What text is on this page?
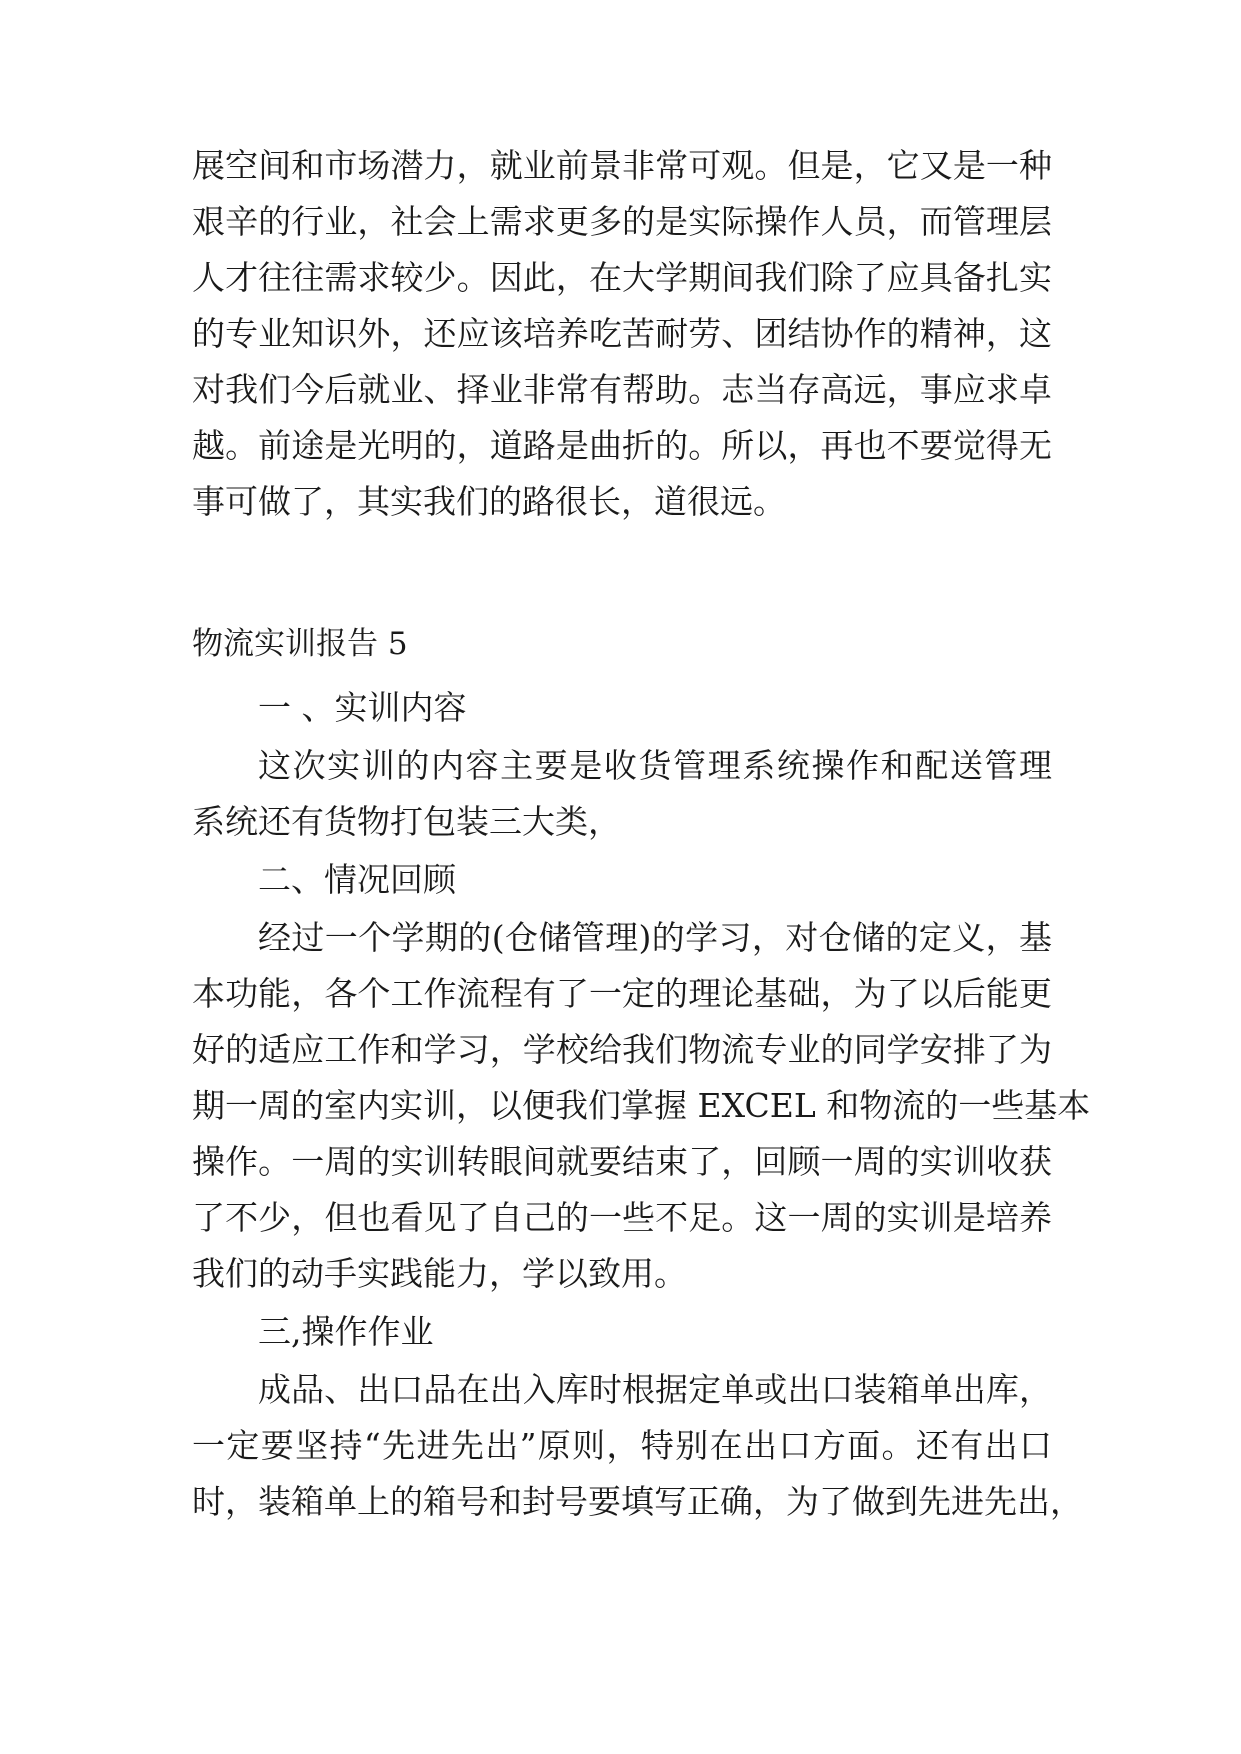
展空间和市场潜力，就业前景非常可观。但是，它又是一种
艰辛的行业，社会上需求更多的是实际操作人员，而管理层
人才往往需求较少。因此，在大学期间我们除了应具备扎实
的专业知识外，还应该培养吃苦耐劳、团结协作的精神，这
对我们今后就业、择业非常有帮助。志当存高远，事应求卓
越。前途是光明的，道路是曲折的。所以，再也不要觉得无
事可做了，其实我们的路很长，道很远。
物流实训报告 5
一 、实训内容
这次实训的内容主要是收货管理系统操作和配送管理
系统还有货物打包装三大类，
二、情况回顾
经过一个学期的(仓储管理)的学习，对仓储的定义，基
本功能，各个工作流程有了一定的理论基础，为了以后能更
好的适应工作和学习，学校给我们物流专业的同学安排了为
期一周的室内实训，以便我们掌握 EXCEL 和物流的一些基本
操作。一周的实训转眼间就要结束了，回顾一周的实训收获
了不少，但也看见了自己的一些不足。这一周的实训是培养
我们的动手实践能力，学以致用。
三,操作作业
成品、出口品在出入库时根据定单或出口装箱单出库，
一定要坚持“先进先出”原则，特别在出口方面。还有出口
时，装箱单上的箱号和封号要填写正确，为了做到先进先出，
